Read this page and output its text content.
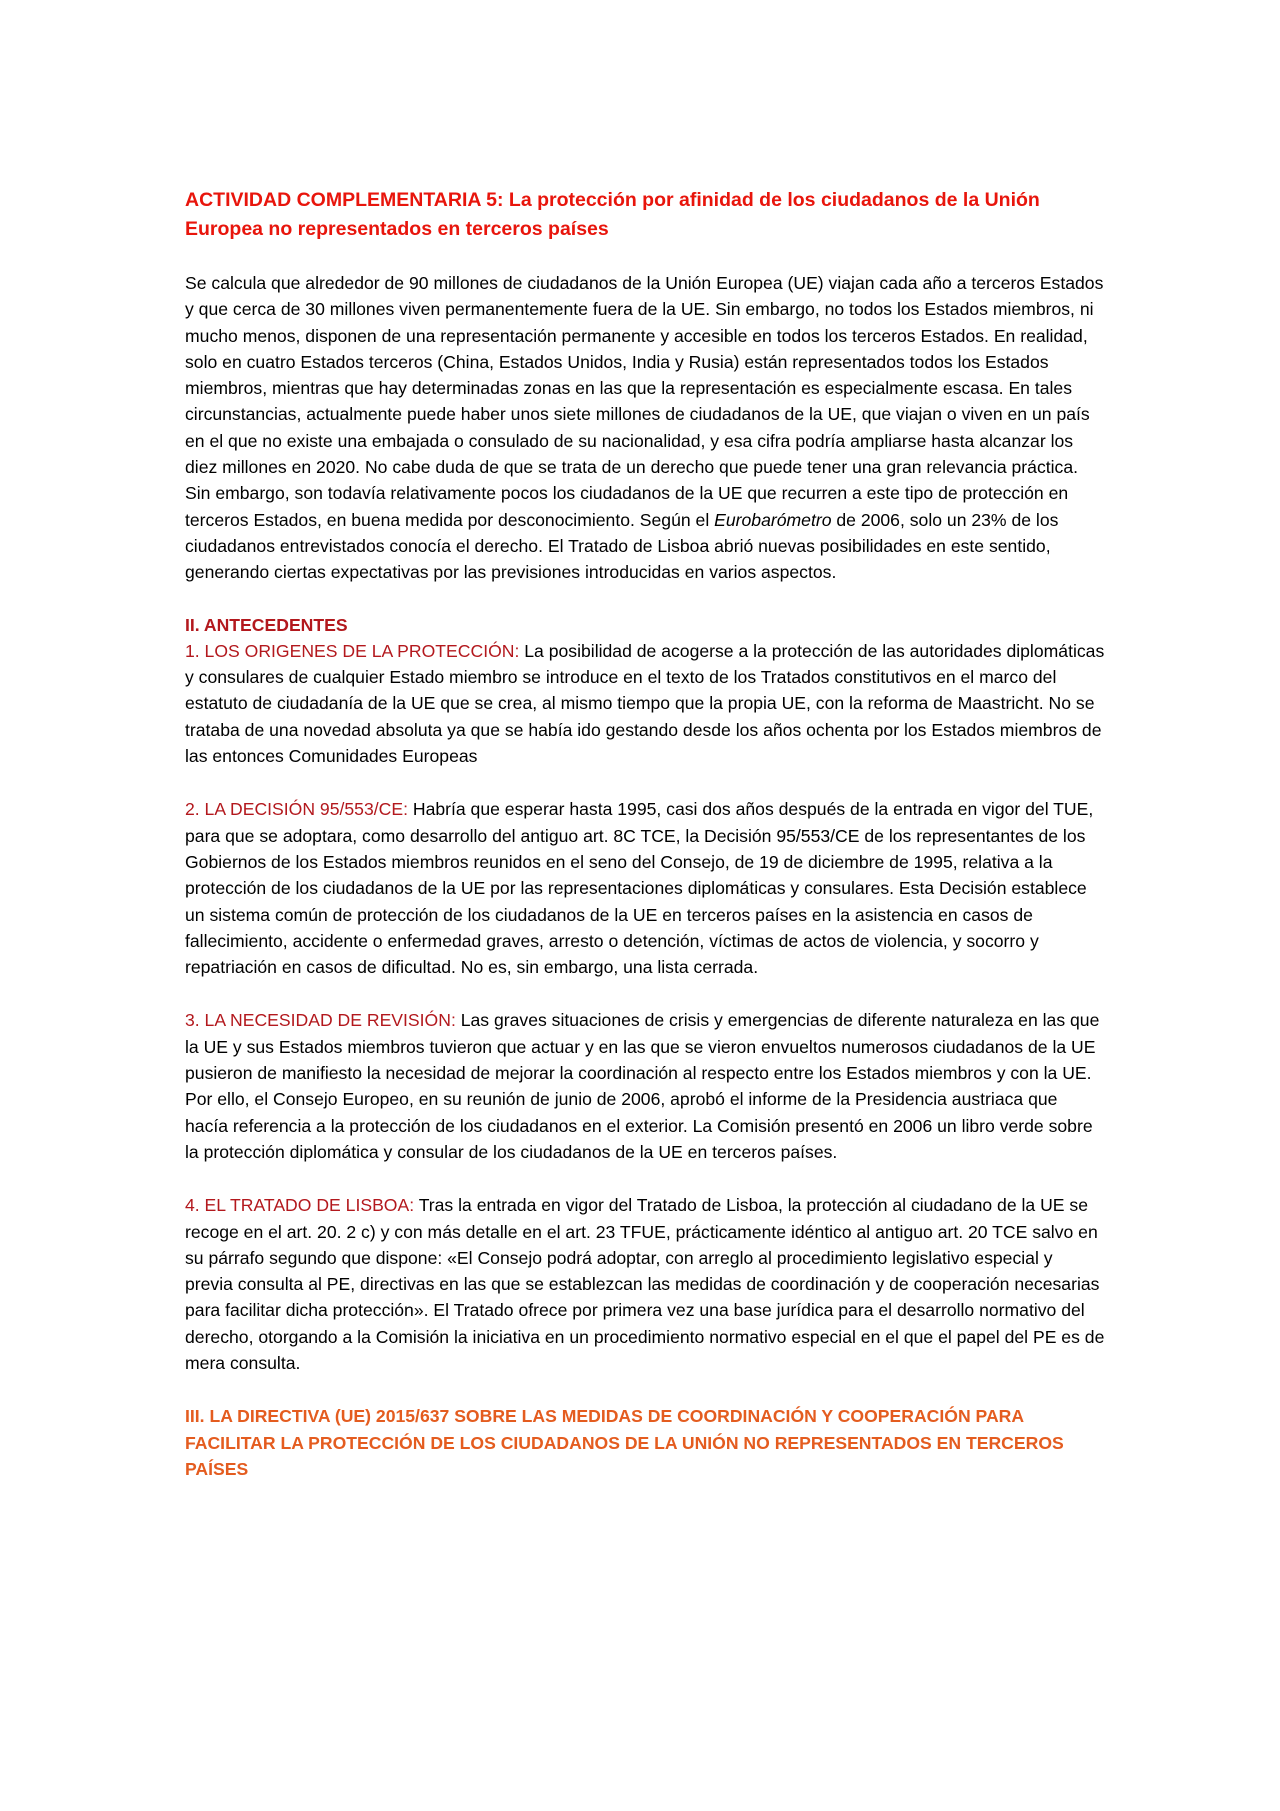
ACTIVIDAD COMPLEMENTARIA 5: La protección por afinidad de los ciudadanos de la Unión Europea no representados en terceros países

Se calcula que alrededor de 90 millones de ciudadanos de la Unión Europea (UE) viajan cada año a terceros Estados y que cerca de 30 millones viven permanentemente fuera de la UE. Sin embargo, no todos los Estados miembros, ni mucho menos, disponen de una representación permanente y accesible en todos los terceros Estados. En realidad, solo en cuatro Estados terceros (China, Estados Unidos, India y Rusia) están representados todos los Estados miembros, mientras que hay determinadas zonas en las que la representación es especialmente escasa. En tales circunstancias, actualmente puede haber unos siete millones de ciudadanos de la UE, que viajan o viven en un país en el que no existe una embajada o consulado de su nacionalidad, y esa cifra podría ampliarse hasta alcanzar los diez millones en 2020. No cabe duda de que se trata de un derecho que puede tener una gran relevancia práctica. Sin embargo, son todavía relativamente pocos los ciudadanos de la UE que recurren a este tipo de protección en terceros Estados, en buena medida por desconocimiento. Según el Eurobarómetro de 2006, solo un 23% de los ciudadanos entrevistados conocía el derecho. El Tratado de Lisboa abrió nuevas posibilidades en este sentido, generando ciertas expectativas por las previsiones introducidas en varios aspectos.

II. ANTECEDENTES

1. LOS ORIGENES DE LA PROTECCIÓN: La posibilidad de acogerse a la protección de las autoridades diplomáticas y consulares de cualquier Estado miembro se introduce en el texto de los Tratados constitutivos en el marco del estatuto de ciudadanía de la UE que se crea, al mismo tiempo que la propia UE, con la reforma de Maastricht. No se trataba de una novedad absoluta ya que se había ido gestando desde los años ochenta por los Estados miembros de las entonces Comunidades Europeas

2. LA DECISIÓN 95/553/CE: Habría que esperar hasta 1995, casi dos años después de la entrada en vigor del TUE, para que se adoptara, como desarrollo del antiguo art. 8C TCE, la Decisión 95/553/CE de los representantes de los Gobiernos de los Estados miembros reunidos en el seno del Consejo, de 19 de diciembre de 1995, relativa a la protección de los ciudadanos de la UE por las representaciones diplomáticas y consulares. Esta Decisión establece un sistema común de protección de los ciudadanos de la UE en terceros países en la asistencia en casos de fallecimiento, accidente o enfermedad graves, arresto o detención, víctimas de actos de violencia, y socorro y repatriación en casos de dificultad. No es, sin embargo, una lista cerrada.

3. LA NECESIDAD DE REVISIÓN: Las graves situaciones de crisis y emergencias de diferente naturaleza en las que la UE y sus Estados miembros tuvieron que actuar y en las que se vieron envueltos numerosos ciudadanos de la UE pusieron de manifiesto la necesidad de mejorar la coordinación al respecto entre los Estados miembros y con la UE. Por ello, el Consejo Europeo, en su reunión de junio de 2006, aprobó el informe de la Presidencia austriaca que hacía referencia a la protección de los ciudadanos en el exterior. La Comisión presentó en 2006 un libro verde sobre la protección diplomática y consular de los ciudadanos de la UE en terceros países.

4. EL TRATADO DE LISBOA: Tras la entrada en vigor del Tratado de Lisboa, la protección al ciudadano de la UE se recoge en el art. 20. 2 c) y con más detalle en el art. 23 TFUE, prácticamente idéntico al antiguo art. 20 TCE salvo en su párrafo segundo que dispone: «El Consejo podrá adoptar, con arreglo al procedimiento legislativo especial y previa consulta al PE, directivas en las que se establezcan las medidas de coordinación y de cooperación necesarias para facilitar dicha protección». El Tratado ofrece por primera vez una base jurídica para el desarrollo normativo del derecho, otorgando a la Comisión la iniciativa en un procedimiento normativo especial en el que el papel del PE es de mera consulta.

III. LA DIRECTIVA (UE) 2015/637 SOBRE LAS MEDIDAS DE COORDINACIÓN Y COOPERACIÓN PARA FACILITAR LA PROTECCIÓN DE LOS CIUDADANOS DE LA UNIÓN NO REPRESENTADOS EN TERCEROS PAÍSES
